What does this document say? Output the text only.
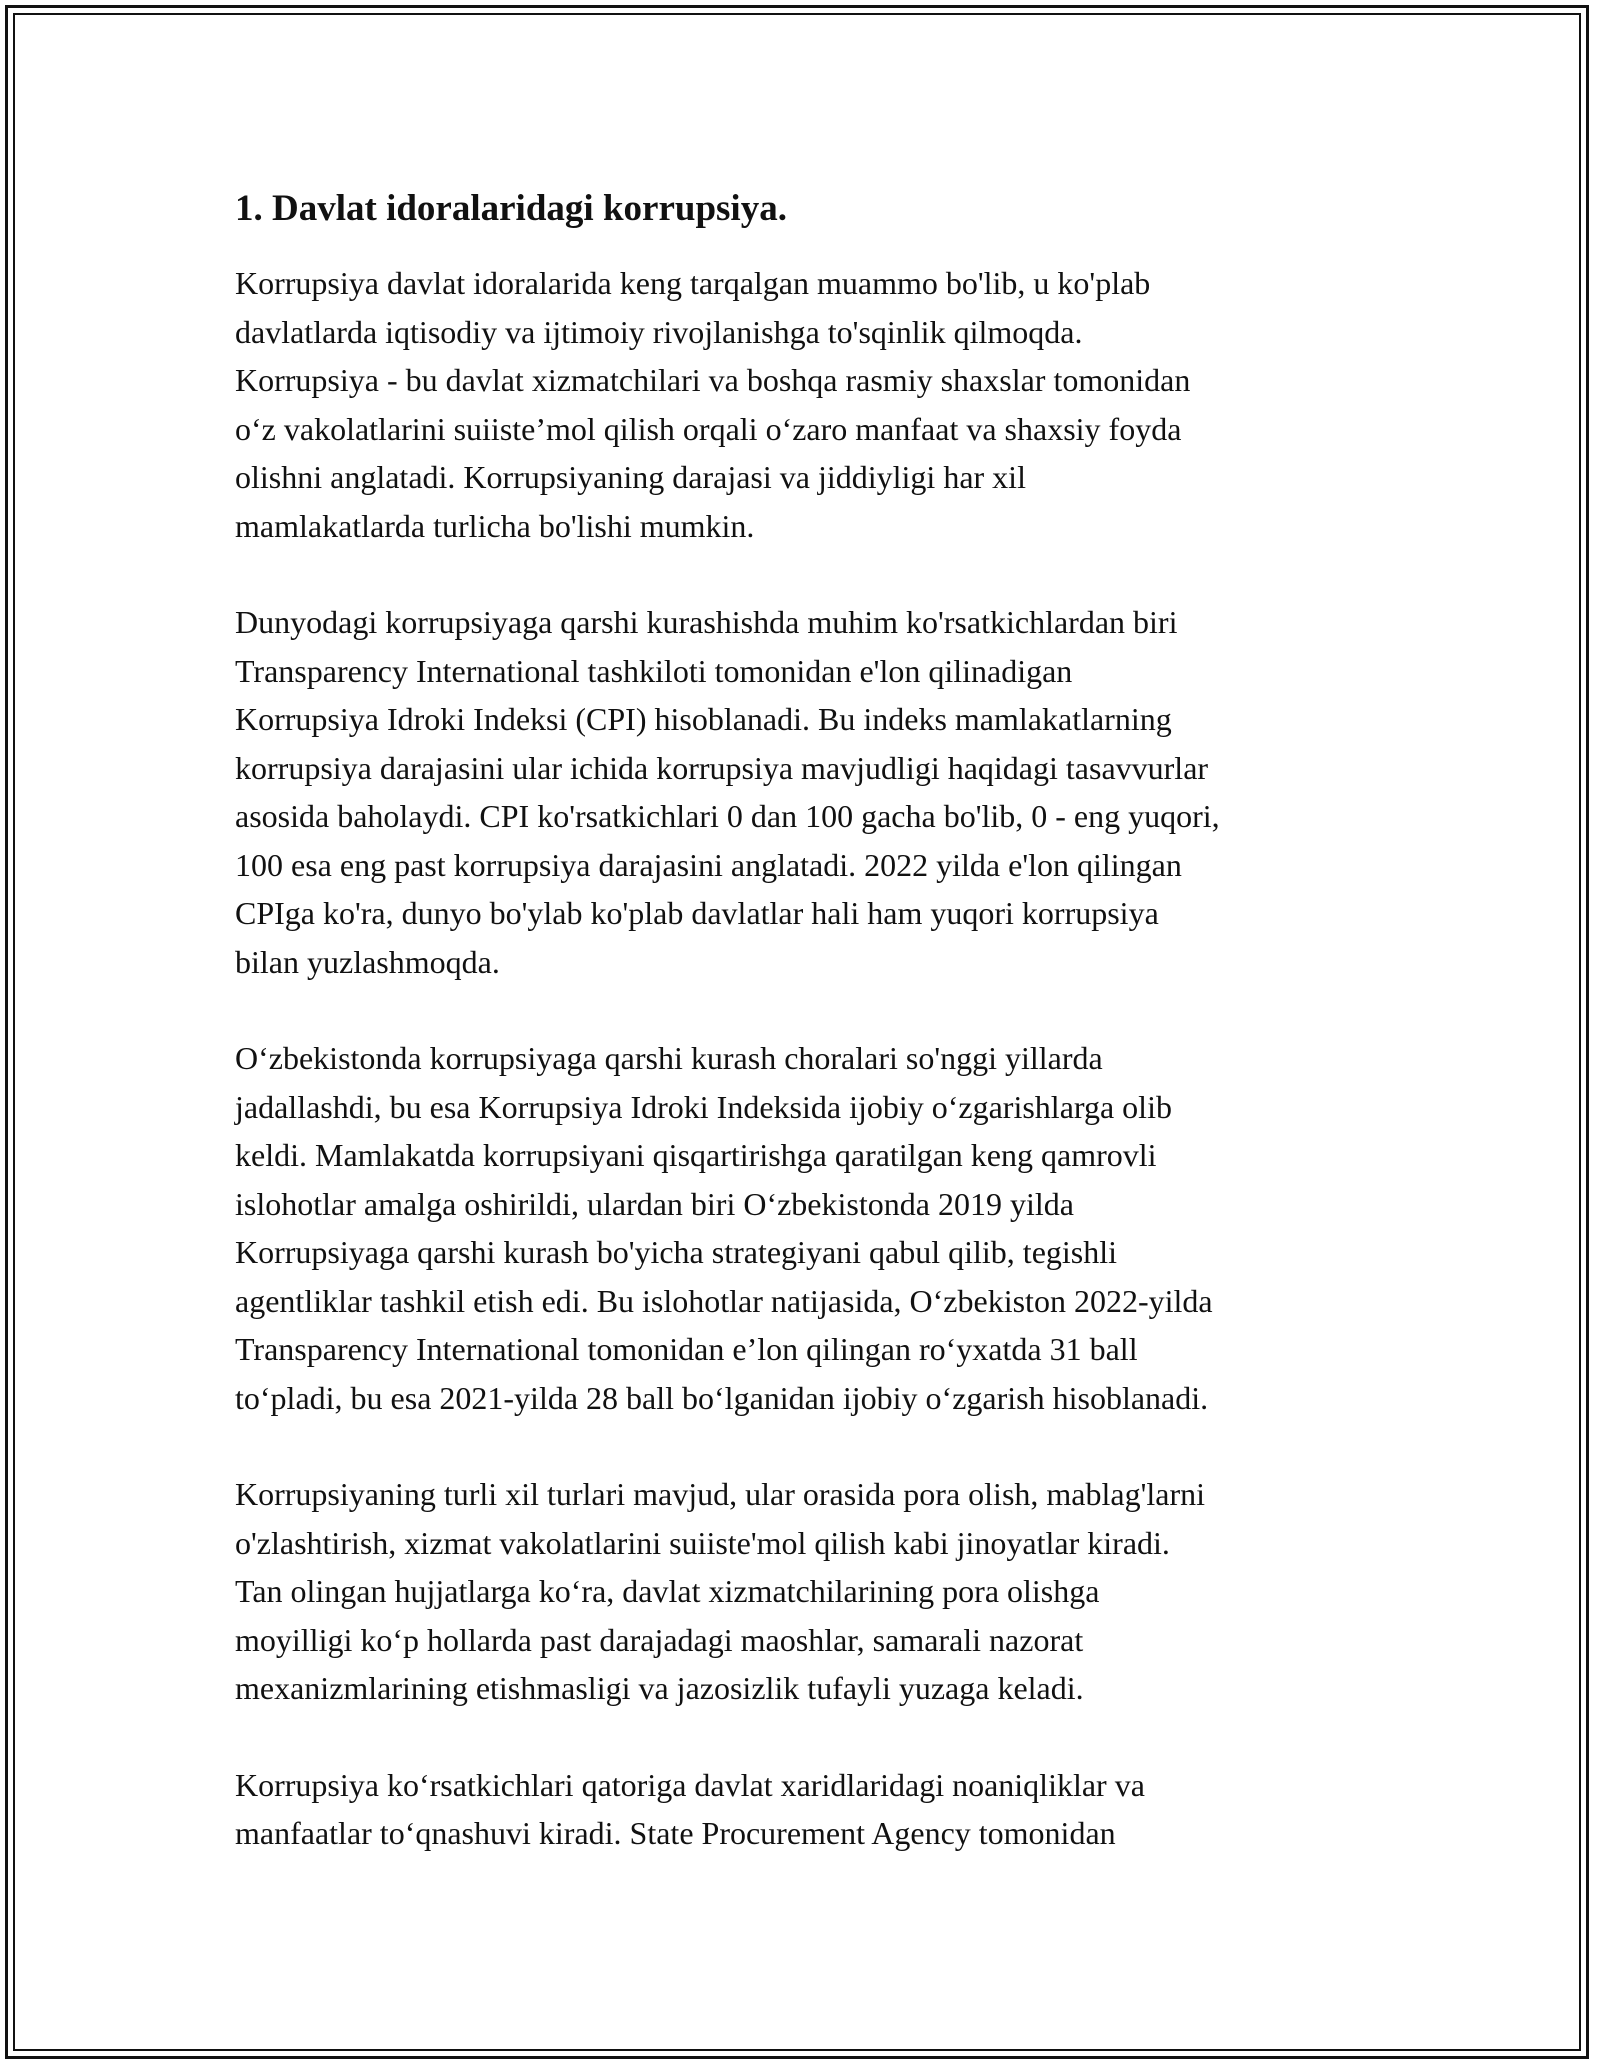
1. Davlat idoralaridagi korrupsiya.

Korrupsiya davlat idoralarida keng tarqalgan muammo bo'lib, u ko'plab
davlatlarda iqtisodiy va ijtimoiy rivojlanishga to'sqinlik qilmoqda.
Korrupsiya - bu davlat xizmatchilari va boshqa rasmiy shaxslar tomonidan
o‘z vakolatlarini suiiste’mol qilish orqali o‘zaro manfaat va shaxsiy foyda
olishni anglatadi. Korrupsiyaning darajasi va jiddiyligi har xil
mamlakatlarda turlicha bo'lishi mumkin.

Dunyodagi korrupsiyaga qarshi kurashishda muhim ko'rsatkichlardan biri
Transparency International tashkiloti tomonidan e'lon qilinadigan
Korrupsiya Idroki Indeksi (CPI) hisoblanadi. Bu indeks mamlakatlarning
korrupsiya darajasini ular ichida korrupsiya mavjudligi haqidagi tasavvurlar
asosida baholaydi. CPI ko'rsatkichlari 0 dan 100 gacha bo'lib, 0 - eng yuqori,
100 esa eng past korrupsiya darajasini anglatadi. 2022 yilda e'lon qilingan
CPIga ko'ra, dunyo bo'ylab ko'plab davlatlar hali ham yuqori korrupsiya
bilan yuzlashmoqda.

O‘zbekistonda korrupsiyaga qarshi kurash choralari so'nggi yillarda
jadallashdi, bu esa Korrupsiya Idroki Indeksida ijobiy o‘zgarishlarga olib
keldi. Mamlakatda korrupsiyani qisqartirishga qaratilgan keng qamrovli
islohotlar amalga oshirildi, ulardan biri O‘zbekistonda 2019 yilda
Korrupsiyaga qarshi kurash bo'yicha strategiyani qabul qilib, tegishli
agentliklar tashkil etish edi. Bu islohotlar natijasida, O‘zbekiston 2022-yilda
Transparency International tomonidan e’lon qilingan ro‘yxatda 31 ball
to‘pladi, bu esa 2021-yilda 28 ball bo‘lganidan ijobiy o‘zgarish hisoblanadi.

Korrupsiyaning turli xil turlari mavjud, ular orasida pora olish, mablag'larni
o'zlashtirish, xizmat vakolatlarini suiiste'mol qilish kabi jinoyatlar kiradi.
Tan olingan hujjatlarga ko‘ra, davlat xizmatchilarining pora olishga
moyilligi ko‘p hollarda past darajadagi maoshlar, samarali nazorat
mexanizmlarining etishmasligi va jazosizlik tufayli yuzaga keladi.

Korrupsiya ko‘rsatkichlari qatoriga davlat xaridlaridagi noaniqliklar va
manfaatlar to‘qnashuvi kiradi. State Procurement Agency tomonidan
